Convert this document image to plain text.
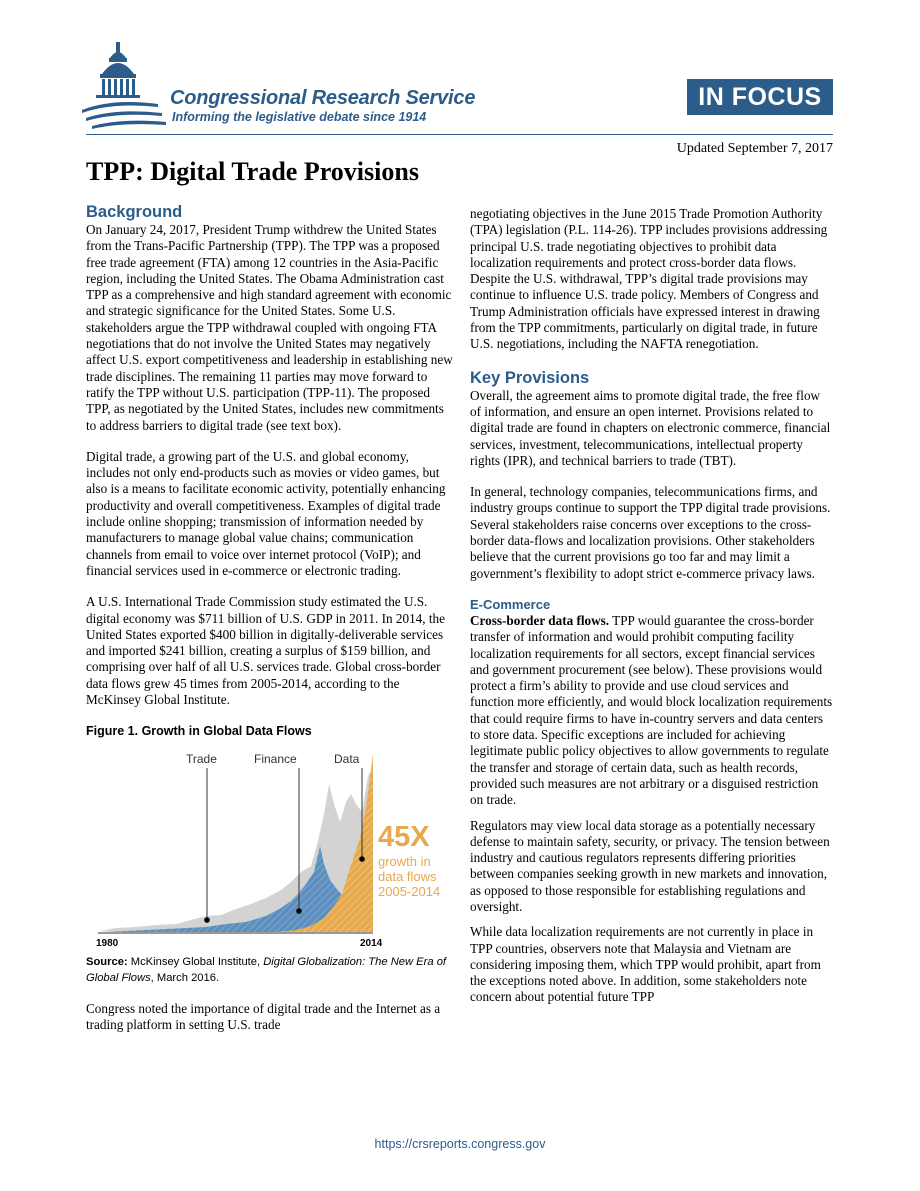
Congressional Research Service
Informing the legislative debate since 1914
IN FOCUS
Updated September 7, 2017
TPP: Digital Trade Provisions
Background

On January 24, 2017, President Trump withdrew the United States from the Trans-Pacific Partnership (TPP). The TPP was a proposed free trade agreement (FTA) among 12 countries in the Asia-Pacific region, including the United States. The Obama Administration cast TPP as a comprehensive and high standard agreement with economic and strategic significance for the United States. Some U.S. stakeholders argue the TPP withdrawal coupled with ongoing FTA negotiations that do not involve the United States may negatively affect U.S. export competitiveness and leadership in establishing new trade disciplines. The remaining 11 parties may move forward to ratify the TPP without U.S. participation (TPP-11). The proposed TPP, as negotiated by the United States, includes new commitments to address barriers to digital trade (see text box).

Digital trade, a growing part of the U.S. and global economy, includes not only end-products such as movies or video games, but also is a means to facilitate economic activity, potentially enhancing productivity and overall competitiveness. Examples of digital trade include online shopping; transmission of information needed by manufacturers to manage global value chains; communication channels from email to voice over internet protocol (VoIP); and financial services used in e-commerce or electronic trading.

A U.S. International Trade Commission study estimated the U.S. digital economy was $711 billion of U.S. GDP in 2011. In 2014, the United States exported $400 billion in digitally-deliverable services and imported $241 billion, creating a surplus of $159 billion, and comprising over half of all U.S. services trade. Global cross-border data flows grew 45 times from 2005-2014, according to the McKinsey Global Institute.

Figure 1. Growth in Global Data Flows
Trade	Finance	Data
45X
growth in
data flows
2005-2014
1980	2014

Source: McKinsey Global Institute, Digital Globalization: The New Era of Global Flows, March 2016.

Congress noted the importance of digital trade and the Internet as a trading platform in setting U.S. trade

negotiating objectives in the June 2015 Trade Promotion Authority (TPA) legislation (P.L. 114-26). TPP includes provisions addressing principal U.S. trade negotiating objectives to prohibit data localization requirements and protect cross-border data flows. Despite the U.S. withdrawal, TPP’s digital trade provisions may continue to influence U.S. trade policy. Members of Congress and Trump Administration officials have expressed interest in drawing from the TPP commitments, particularly on digital trade, in future U.S. negotiations, including the NAFTA renegotiation.

Key Provisions

Overall, the agreement aims to promote digital trade, the free flow of information, and ensure an open internet. Provisions related to digital trade are found in chapters on electronic commerce, financial services, investment, telecommunications, intellectual property rights (IPR), and technical barriers to trade (TBT).

In general, technology companies, telecommunications firms, and industry groups continue to support the TPP digital trade provisions. Several stakeholders raise concerns over exceptions to the cross-border data-flows and localization provisions. Other stakeholders believe that the current provisions go too far and may limit a government’s flexibility to adopt strict e-commerce privacy laws.

E-Commerce

Cross-border data flows. TPP would guarantee the cross-border transfer of information and would prohibit computing facility localization requirements for all sectors, except financial services and government procurement (see below). These provisions would protect a firm’s ability to provide and use cloud services and function more efficiently, and would block localization requirements that could require firms to have in-country servers and data centers to store data. Specific exceptions are included for achieving legitimate public policy objectives to allow governments to regulate the transfer and storage of certain data, such as health records, provided such measures are not arbitrary or a disguised restriction on trade.

Regulators may view local data storage as a potentially necessary defense to maintain safety, security, or privacy. The tension between industry and cautious regulators represents differing priorities between companies seeking growth in new markets and innovation, as opposed to those responsible for establishing regulations and oversight.

While data localization requirements are not currently in place in TPP countries, observers note that Malaysia and Vietnam are considering imposing them, which TPP would prohibit, apart from the exceptions noted above. In addition, some stakeholders note concern about potential future TPP

https://crsreports.congress.gov
